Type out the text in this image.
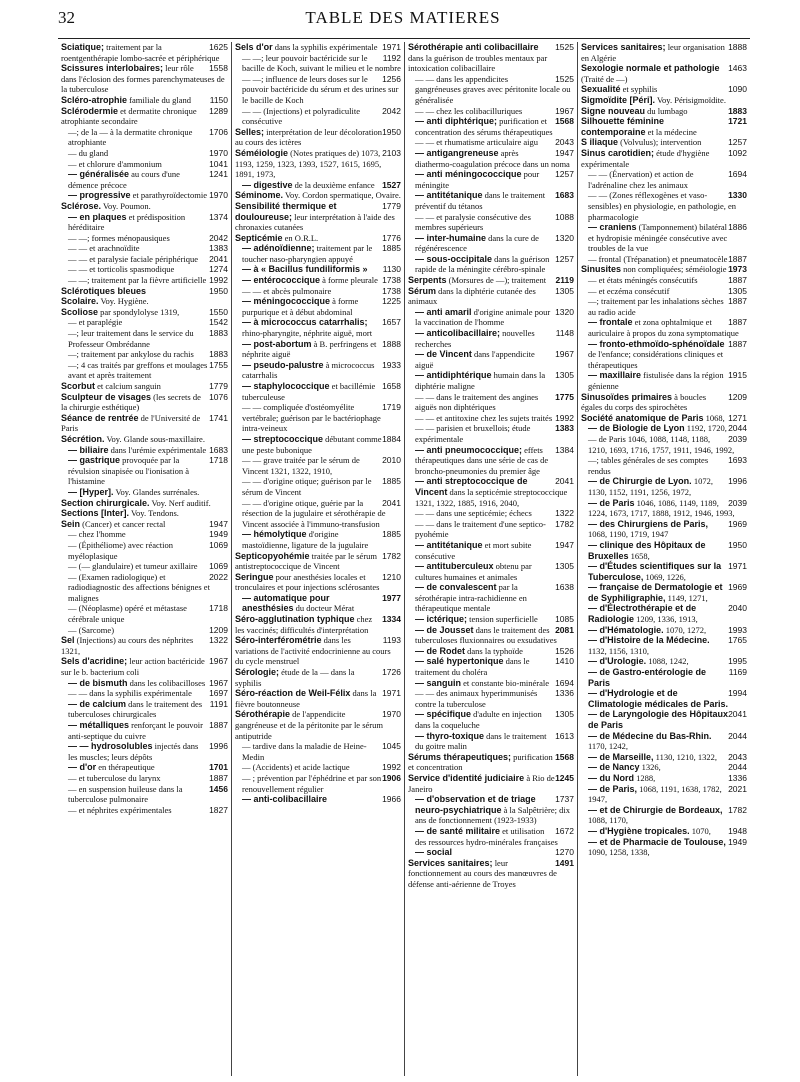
32	TABLE DES MATIERES
1625
Sciatique; traitement par la roentgenthérapie lombo-sacrée et périphérique
1558
Scissures interlobaires; leur rôle dans l'éclosion des formes parenchymateuses de la tuberculose
1150
Scléro-atrophie familiale du gland
1289
Sclérodermie et dermatite chronique atrophiante secondaire
1706
—; de la — à la dermatite chronique atrophiante
1970
— du gland
1041
— et chlorure d'ammonium
1241
— généralisée au cours d'une démence précoce
1970
— progressive et parathyroïdectomie
Sclérose. Voy. Poumon.
1374
— en plaques et prédisposition héréditaire
2042
— —; formes ménopausiques
1383
— — et arachnoïdite
2041
— — et paralysie faciale périphérique
1274
— — et torticolis spasmodique
1992
— —; traitement par la fièvre artificielle
1950
Sclérotiques bleues
Scolaire. Voy. Hygiène.
1550
Scoliose par spondylolyse 1319,
1542
— et paraplégie
1883
—; leur traitement dans le service du Professeur Ombrédanne
1883
—; traitement par ankylose du rachis
1755
—; 4 cas traités par greffons et moulages avant et après traitement
1779
Scorbut et calcium sanguin
1076
Sculpteur de visages (les secrets de la chirurgie esthétique)
1741
Séance de rentrée de l'Université de Paris
Sécrétion. Voy. Glande sous-maxillaire.
1683
— biliaire dans l'urémie expérimentale
1718
— gastrique provoquée par la révulsion sinapisée ou l'ionisation à l'histamine
— [Hyper]. Voy. Glandes surrénales.
Section chirurgicale. Voy. Nerf auditif.
Sections [Inter]. Voy. Tendons.
1947
Sein (Cancer) et cancer rectal
1949
— chez l'homme
1069
— (Épithéliome) avec réaction myéloplasique
1069
— (— glandulaire) et tumeur axillaire
2022
— (Examen radiologique) et radiodiagnostic des affections bénignes et malignes
1718
— (Néoplasme) opéré et métastase cérébrale unique
1209
— (Sarcome)
1322
Sel (Injections) au cours des néphrites 1321,
1967
Sels d'acridine; leur action bactéricide sur le b. bacterium coli
1967
— de bismuth dans les colibacilloses
1697
— — dans la syphilis expérimentale
1191
— de calcium dans le traitement des tuberculoses chirurgicales
1887
— métalliques renforçant le pouvoir anti-septique du cuivre
1996
— — hydrosolubles injectés dans les muscles; leurs dépôts
1701
— d'or en thérapeutique
1887
— et tuberculose du larynx
1456
— en suspension huileuse dans la tuberculose pulmonaire
1827
— et néphrites expérimentales
1971
Sels d'or dans la syphilis expérimentale
1192
— —; leur pouvoir bactéricide sur le bacille de Koch, suivant le milieu et le nombre
1256
— —; influence de leurs doses sur le pouvoir bactéricide du sérum et des urines sur le bacille de Koch
2042
— — (Injections) et polyradiculite consécutive
1950
Selles; interprétation de leur décoloration au cours des ictères
2103
Séméiologie (Notes pratiques de) 1073, 1193, 1259, 1323, 1393, 1527, 1615, 1695, 1891, 1973,
1527
— digestive de la deuxième enfance
Séminome. Voy. Cordon spermatique, Ovaire.
1779
Sensibilité thermique et douloureuse; leur interprétation à l'aide des chronaxies cutanées
1776
Septicémie en O.R.L.
1885
— adénoïdienne; traitement par le toucher naso-pharyngien appuyé
1130
— à « Bacillus fundiliformis »
1738
— entérococcique à forme pleurale
1738
— — et abcès pulmonaire
1225
— méningococcique à forme purpurique et à début abdominal
1657
— à micrococcus catarrhalis; rhino-pharyngite, néphrite aiguë, mort
1888
— post-abortum à B. perfringens et néphrite aiguë
1933
— pseudo-palustre à micrococcus catarrhalis
1658
— staphylococcique et bacillémie tuberculeuse
1719
— — compliquée d'ostéomyélite vertébrale; guérison par le bactériophage intra-veineux
1884
— streptococcique débutant comme une peste bubonique
2010
— — grave traitée par le sérum de Vincent 1321, 1322, 1910,
1885
— — d'origine otique; guérison par le sérum de Vincent
2041
— — d'origine otique, guérie par la résection de la jugulaire et sérothérapie de Vincent associée à l'immuno-transfusion
1885
— hémolytique d'origine mastoïdienne, ligature de la jugulaire
1782
Septicopyohémie traitée par le sérum antistreptococcique de Vincent
1210
Seringue pour anesthésies locales et tronculaires et pour injections sclérosantes
1977
— automatique pour anesthésies du docteur Mérat
1334
Séro-agglutination typhique chez les vaccinés; difficultés d'interprétation
1193
Séro-interférométrie dans les variations de l'activité endocrinienne au cours du cycle menstruel
1726
Sérologie; étude de la — dans la syphilis
1971
Séro-réaction de Weil-Félix dans la fièvre boutonneuse
1970
Sérothérapie de l'appendicite gangréneuse et de la péritonite par le sérum antiputride
1045
— tardive dans la maladie de Heine-Medin
1992
— (Accidents) et acide lactique
1906
— ; prévention par l'éphédrine et par son renouvellement régulier
1966
— anti-colibacillaire
1525
Sérothérapie anti colibacillaire dans la guérison de troubles mentaux par intoxication colibacillaire
1525
— — dans les appendicites gangréneuses graves avec péritonite locale ou généralisée
1967
— — chez les colibacilluriques
1568
— anti diphtérique; purification et concentration des sérums thérapeutiques
2043
— — et rhumatisme articulaire aigu
1947
— antigangreneuse après diathermo-coagulation précoce dans un noma
1257
— anti méningococcique pour méningite
1683
— antitétanique dans le traitement préventif du tétanos
1088
— — et paralysie consécutive des membres supérieurs
1320
— inter-humaine dans la cure de régénérescence
1257
— sous-occipitale dans la guérison rapide de la méningite cérébro-spinale
2119
Serpents (Morsures de —); traitement
1305
Sérum dans la diphtérie cutanée des animaux
1320
— anti amaril d'origine animale pour la vaccination de l'homme
1148
— anticolibacillaire; nouvelles recherches
1967
— de Vincent dans l'appendicite aiguë
1305
— antidiphtérique humain dans la diphtérie maligne
1775
— — dans le traitement des angines aiguës non diphtériques
1992
— — et antitoxine chez les sujets traités
1383
— — parisien et bruxellois; étude expérimentale
1384
— anti pneumococcique; effets thérapeutiques dans une série de cas de broncho-pneumonies du premier âge
2041
— anti streptococcique de Vincent dans la septicémie streptococcique 1321, 1322, 1885, 1916, 2040,
1322
— — dans une septicémie; échecs
1782
— — dans le traitement d'une septico-pyohémie
1947
— antitétanique et mort subite consécutive
1305
— antituberculeux obtenu par cultures humaines et animales
1638
— de convalescent par la sérothérapie intra-rachidienne en thérapeutique mentale
1085
— ictérique; tension superficielle
2081
— de Jousset dans le traitement des tuberculoses fluxionnaires ou exsudatives
1526
— de Rodet dans la typhoïde
1410
— salé hypertonique dans le traitement du choléra
1694
— sanguin et constante bio-minérale
1336
— — des animaux hyperimmunisés contre la tuberculose
1305
— spécifique d'adulte en injection dans la coqueluche
1613
— thyro-toxique dans le traitement du goitre malin
1568
Sérums thérapeutiques; purification et concentration
1245
Service d'identité judiciaire à Rio de Janeiro
1737
— d'observation et de triage neuro-psychiatrique à la Salpêtrière; dix ans de fonctionnement (1923-1933)
1672
— de santé militaire et utilisation des ressources hydro-minérales françaises
1270
— social
1491
Services sanitaires; leur fonctionnement au cours des manœuvres de défense anti-aérienne de Troyes
1888
Services sanitaires; leur organisation en Algérie
1463
Sexologie normale et pathologie (Traité de —)
1090
Sexualité et syphilis
Sigmoïdite [Péri]. Voy. Périsigmoïdite.
1883
Signe nouveau du lumbago
1721
Silhouette féminine contemporaine et la médecine
1257
S iliaque (Volvulus); intervention
1092
Sinus carotidien; étude d'hygiène expérimentale
1694
— — (Énervation) et action de l'adrénaline chez les animaux
1330
— — (Zones réflexogènes et vaso-sensibles) en physiologie, en pathologie, en pharmacologie
1886
— craniens (Tamponnement) bilatéral et hydropisie méningée consécutive avec troubles de la vue
1887
— frontal (Trépanation) et pneumatocèle
1973
Sinusites non compliquées; séméiologie
1887
— et états méningés consécutifs
1305
— et eczéma consécutif
1887
—; traitement par les inhalations sèches au radio acide
1887
— frontale et zona ophtalmique et auriculaire à propos du zona symptomatique
1887
— fronto-ethmoïdo-sphénoïdale de l'enfance; considérations cliniques et thérapeutiques
1915
— maxillaire fistulisée dans la région génienne
1209
Sinusoïdes primaires à boucles égales du corps des spirochètes
1271
Société anatomique de Paris 1068,
2044
— de Biologie de Lyon 1192, 1720,
2039
— de Paris 1046, 1088, 1148, 1188, 1210, 1693, 1716, 1757, 1911, 1946, 1992,
1693
—; tables générales de ses comptes rendus
1996
— de Chirurgie de Lyon. 1072, 1130, 1152, 1191, 1256, 1972,
2039
— de Paris 1046, 1086, 1149, 1189, 1224, 1673, 1717, 1888, 1912, 1946, 1993,
1969
— des Chirurgiens de Paris, 1068, 1190, 1719, 1947
1950
— clinique des Hôpitaux de Bruxelles 1658,
1971
— d'Études scientifiques sur la Tuberculose, 1069, 1226,
1969
— française de Dermatologie et de Syphiligraphie, 1149, 1271,
2040
— d'Électrothérapie et de Radiologie 1209, 1336, 1913,
1993
— d'Hématologie. 1070, 1272,
1765
— d'Histoire de la Médecine. 1132, 1156, 1310,
1995
— d'Urologie. 1088, 1242,
1169
— de Gastro-entérologie de Paris
1994
— d'Hydrologie et de Climatologie médicales de Paris.
2041
— de Laryngologie des Hôpitaux de Paris
2044
— de Médecine du Bas-Rhin. 1170, 1242,
2043
— de Marseille, 1130, 1210, 1322,
2044
— de Nancy 1326,
1336
— du Nord 1288,
2021
— de Paris, 1068, 1191, 1638, 1782, 1947,
1782
— et de Chirurgie de Bordeaux, 1088, 1170,
1948
— d'Hygiène tropicales. 1070,
1949
— et de Pharmacie de Toulouse, 1090, 1258, 1338,
